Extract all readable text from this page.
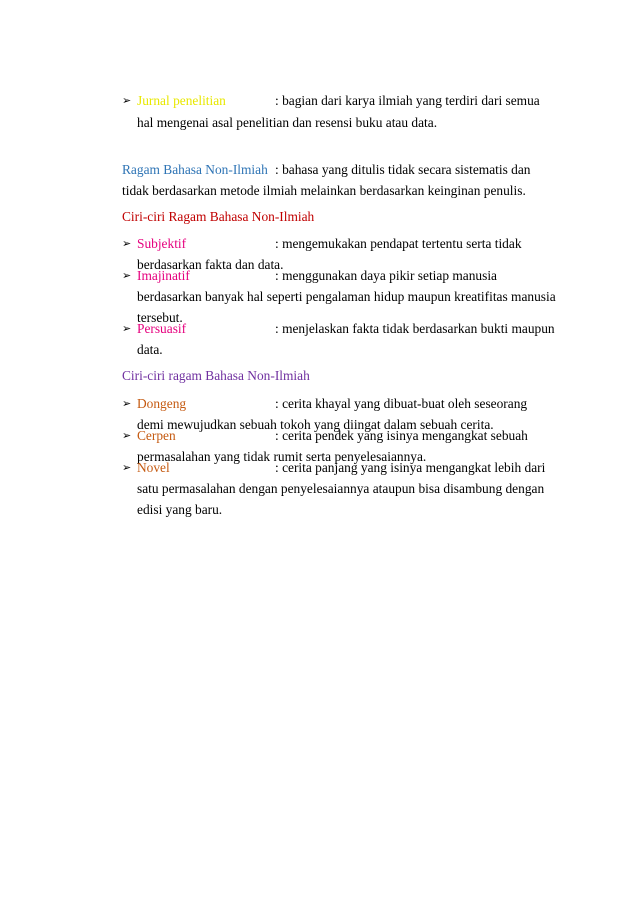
➢ Jurnal penelitian	: bagian dari karya ilmiah yang terdiri dari semua
hal mengenai asal penelitian dan resensi buku atau data.
Ragam Bahasa Non-Ilmiah : bahasa yang ditulis tidak secara sistematis dan
tidak berdasarkan metode ilmiah melainkan berdasarkan keinginan penulis.
Ciri-ciri Ragam Bahasa Non-Ilmiah
➢ Subjektif	: mengemukakan pendapat tertentu serta tidak
berdasarkan fakta dan data.
➢ Imajinatif	: menggunakan daya pikir setiap manusia
berdasarkan banyak hal seperti pengalaman hidup maupun kreatifitas manusia
tersebut.
➢ Persuasif	: menjelaskan fakta tidak berdasarkan bukti maupun
data.
Ciri-ciri ragam Bahasa Non-Ilmiah
➢ Dongeng	: cerita khayal yang dibuat-buat oleh seseorang
demi mewujudkan sebuah tokoh yang diingat dalam sebuah cerita.
➢ Cerpen	: cerita pendek yang isinya mengangkat sebuah
permasalahan yang tidak rumit serta penyelesaiannya.
➢ Novel	: cerita panjang yang isinya mengangkat lebih dari
satu permasalahan dengan penyelesaiannya ataupun bisa disambung dengan
edisi yang baru.
